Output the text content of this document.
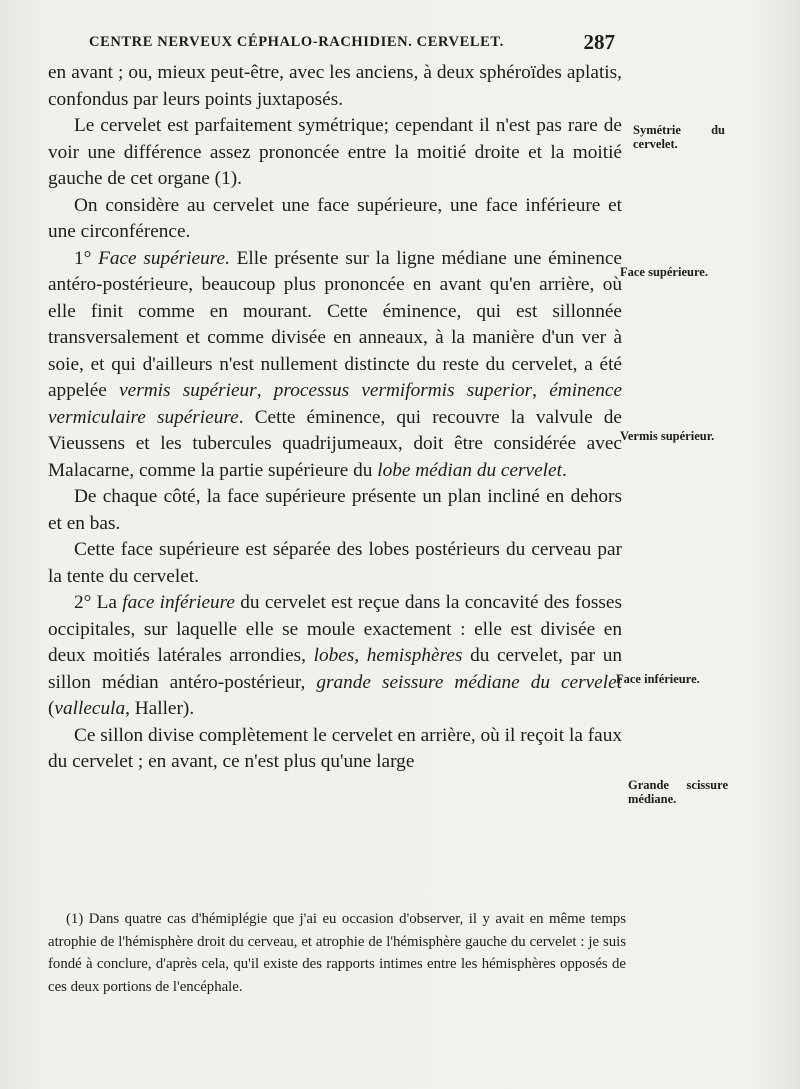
CENTRE NERVEUX CÉPHALO-RACHIDIEN. CERVELET.	287

en avant ; ou, mieux peut-être, avec les anciens, à deux sphéroïdes aplatis, confondus par leurs points juxtaposés.

Le cervelet est parfaitement symétrique; cependant il n'est pas rare de voir une différence assez prononcée entre la moitié droite et la moitié gauche de cet organe (1).

On considère au cervelet une face supérieure, une face inférieure et une circonférence.

1° Face supérieure. Elle présente sur la ligne médiane une éminence antéro-postérieure, beaucoup plus prononcée en avant qu'en arrière, où elle finit comme en mourant. Cette éminence, qui est sillonnée transversalement et comme divisée en anneaux, à la manière d'un ver à soie, et qui d'ailleurs n'est nullement distincte du reste du cervelet, a été appelée vermis supérieur, processus vermiformis superior, éminence vermiculaire supérieure. Cette éminence, qui recouvre la valvule de Vieussens et les tubercules quadrijumeaux, doit être considérée avec Malacarne, comme la partie supérieure du lobe médian du cervelet.

De chaque côté, la face supérieure présente un plan incliné en dehors et en bas.

Cette face supérieure est séparée des lobes postérieurs du cerveau par la tente du cervelet.

2° La face inférieure du cervelet est reçue dans la concavité des fosses occipitales, sur laquelle elle se moule exactement : elle est divisée en deux moitiés latérales arrondies, lobes, hemisphères du cervelet, par un sillon médian antéro-postérieur, grande seissure médiane du cervelet (vallecula, Haller).

Ce sillon divise complètement le cervelet en arrière, où il reçoit la faux du cervelet ; en avant, ce n'est plus qu'une large

(1) Dans quatre cas d'hémiplégie que j'ai eu occasion d'observer, il y avait en même temps atrophie de l'hémisphère droit du cerveau, et atrophie de l'hémisphère gauche du cervelet : je suis fondé à conclure, d'après cela, qu'il existe des rapports intimes entre les hémisphères opposés de ces deux portions de l'encéphale.

Symétrie du cervelet.
Face supérieure.
Vermis supérieur.
Face inférieure.
Grande scissure médiane.
